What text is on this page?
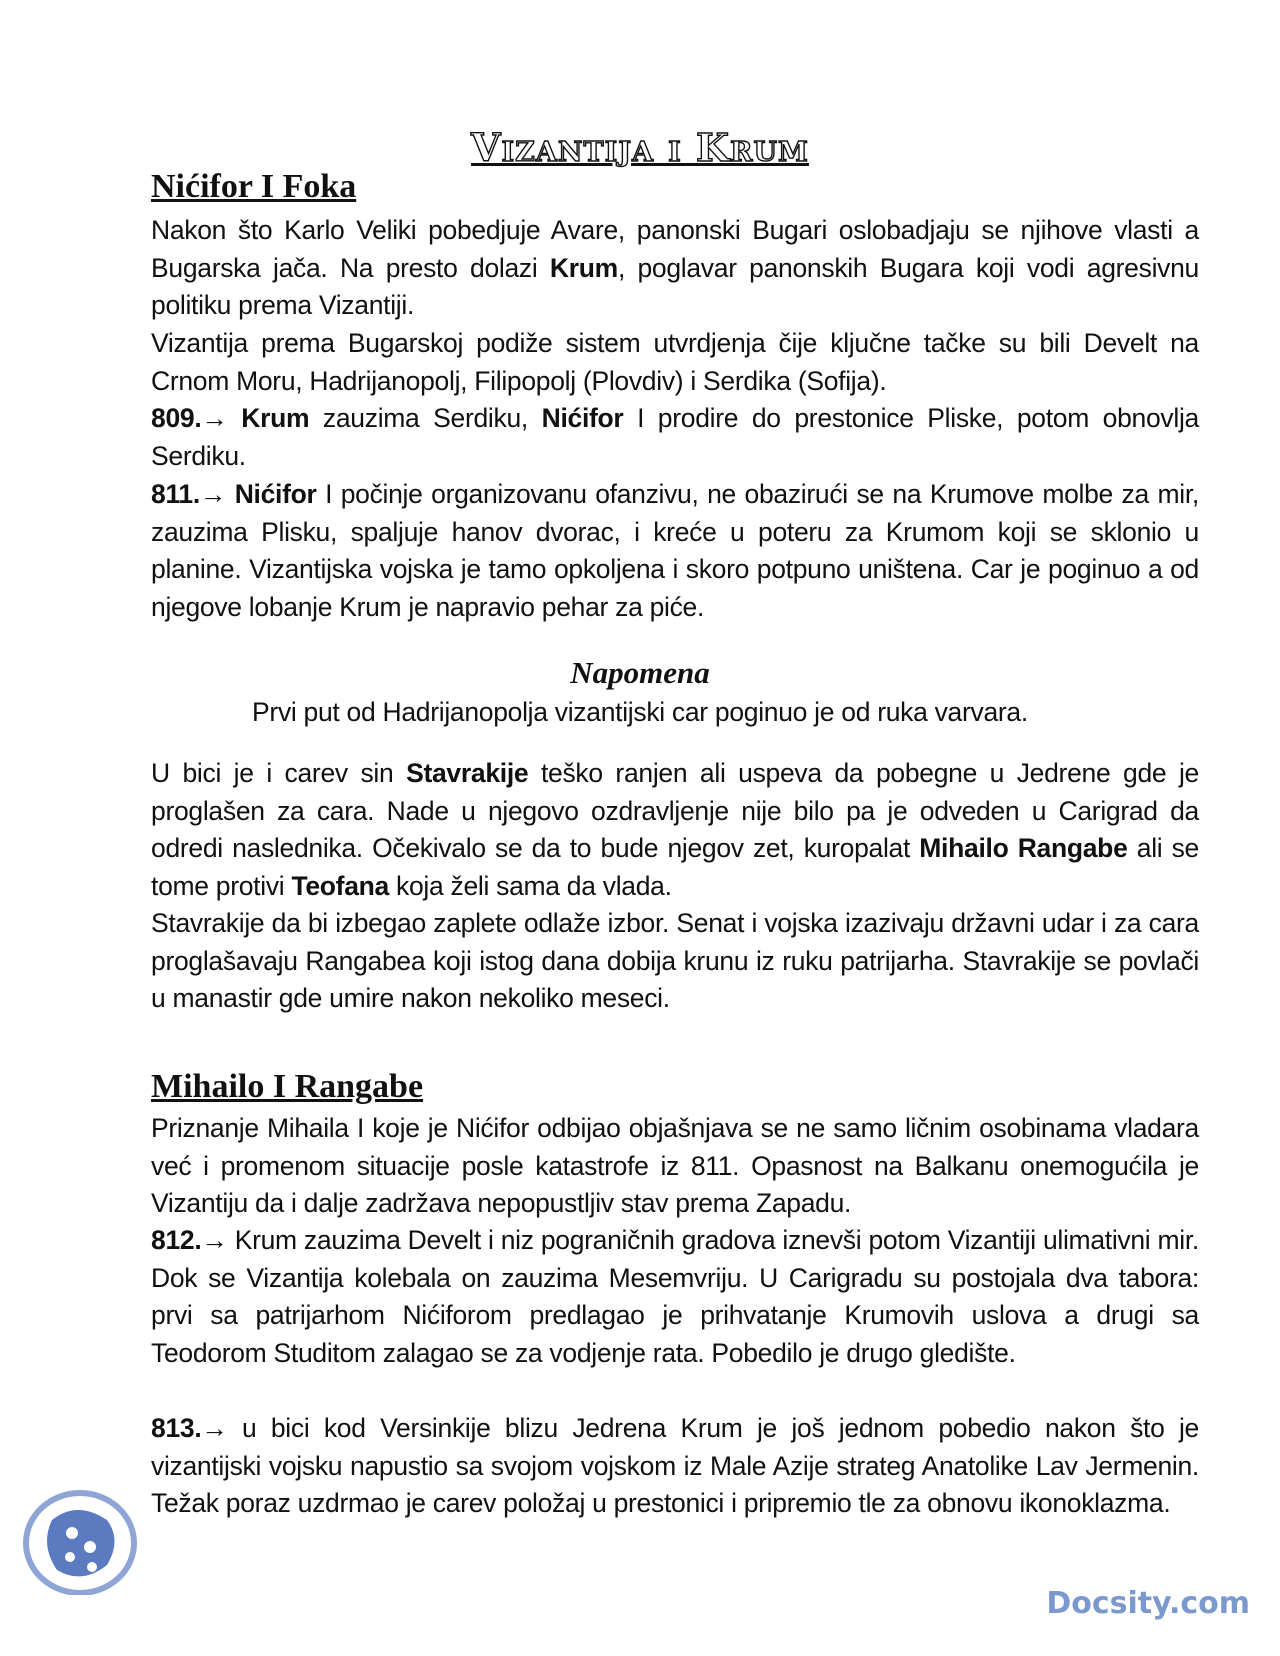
Vizantija i Krum
Nićifor I Foka

Nakon što Karlo Veliki pobedjuje Avare, panonski Bugari oslobadjaju se njihove vlasti a Bugarska jača. Na presto dolazi Krum, poglavar panonskih Bugara koji vodi agresivnu politiku prema Vizantiji.

Vizantija prema Bugarskoj podiže sistem utvrdjenja čije ključne tačke su bili Develt na Crnom Moru, Hadrijanopolj, Filipopolj (Plovdiv) i Serdika (Sofija).

809.→ Krum zauzima Serdiku, Nićifor I prodire do prestonice Pliske, potom obnovlja Serdiku.

811.→ Nićifor I počinje organizovanu ofanzivu, ne obazirući se na Krumove molbe za mir, zauzima Plisku, spaljuje hanov dvorac, i kreće u poteru za Krumom koji se sklonio u planine. Vizantijska vojska je tamo opkoljena i skoro potpuno uništena. Car je poginuo a od njegove lobanje Krum je napravio pehar za piće.

Napomena

Prvi put od Hadrijanopolja vizantijski car poginuo je od ruka varvara.

U bici je i carev sin Stavrakije teško ranjen ali uspeva da pobegne u Jedrene gde je proglašen za cara. Nade u njegovo ozdravljenje nije bilo pa je odveden u Carigrad da odredi naslednika. Očekivalo se da to bude njegov zet, kuropalat Mihailo Rangabe ali se tome protivi Teofana koja želi sama da vlada.

Stavrakije da bi izbegao zaplete odlaže izbor. Senat i vojska izazivaju državni udar i za cara proglašavaju Rangabea koji istog dana dobija krunu iz ruku patrijarha. Stavrakije se povlači u manastir gde umire nakon nekoliko meseci.

Mihailo I Rangabe

Priznanje Mihaila I koje je Nićifor odbijao objašnjava se ne samo ličnim osobinama vladara već i promenom situacije posle katastrofe iz 811. Opasnost na Balkanu onemogućila je Vizantiju da i dalje zadržava nepopustljiv stav prema Zapadu.

812.→ Krum zauzima Develt i niz pograničnih gradova iznevši potom Vizantiji ulimativni mir. Dok se Vizantija kolebala on zauzima Mesemvriju. U Carigradu su postojala dva tabora: prvi sa patrijarhom Nićiforom predlagao je prihvatanje Krumovih uslova a drugi sa Teodorom Studitom zalagao se za vodjenje rata. Pobedilo je drugo gledište.

813.→ u bici kod Versinkije blizu Jedrena Krum je još jednom pobedio nakon što je vizantijski vojsku napustio sa svojom vojskom iz Male Azije strateg Anatolike Lav Jermenin. Težak poraz uzdrmao je carev položaj u prestonici i pripremio tle za obnovu ikonoklazma.

Docsity.com
